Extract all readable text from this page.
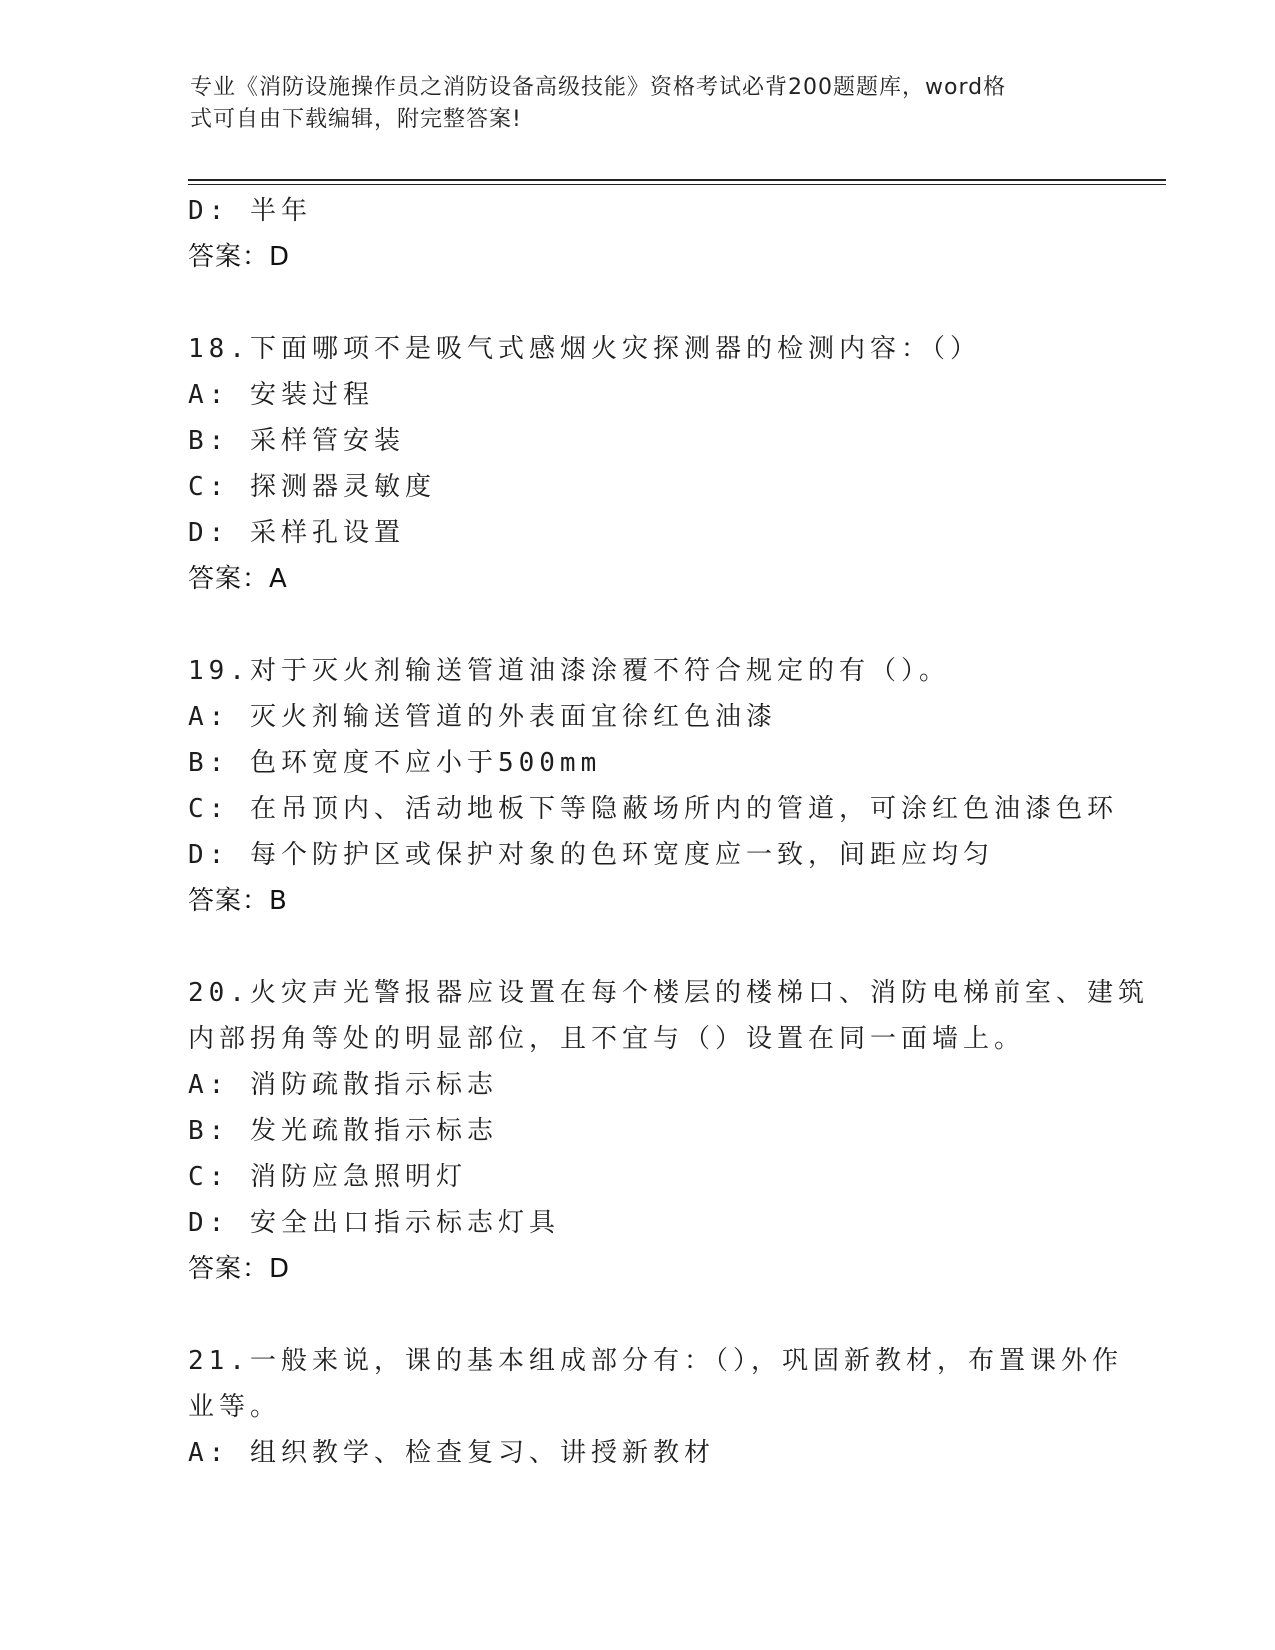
专业《消防设施操作员之消防设备高级技能》资格考试必背200题题库，word格
式可自由下载编辑，附完整答案!
D: 半年
答案：D
18.下面哪项不是吸气式感烟火灾探测器的检测内容：（）
A: 安装过程
B: 采样管安装
C: 探测器灵敏度
D: 采样孔设置
答案：A
19.对于灭火剂输送管道油漆涂覆不符合规定的有（）。
A: 灭火剂输送管道的外表面宜徐红色油漆
B: 色环宽度不应小于500mm
C: 在吊顶内、活动地板下等隐蔽场所内的管道，可涂红色油漆色环
D: 每个防护区或保护对象的色环宽度应一致，间距应均匀
答案：B
20.火灾声光警报器应设置在每个楼层的楼梯口、消防电梯前室、建筑
内部拐角等处的明显部位，且不宜与（）设置在同一面墙上。
A: 消防疏散指示标志
B: 发光疏散指示标志
C: 消防应急照明灯
D: 安全出口指示标志灯具
答案：D
21.一般来说，课的基本组成部分有：（），巩固新教材，布置课外作
业等。
A: 组织教学、检查复习、讲授新教材
